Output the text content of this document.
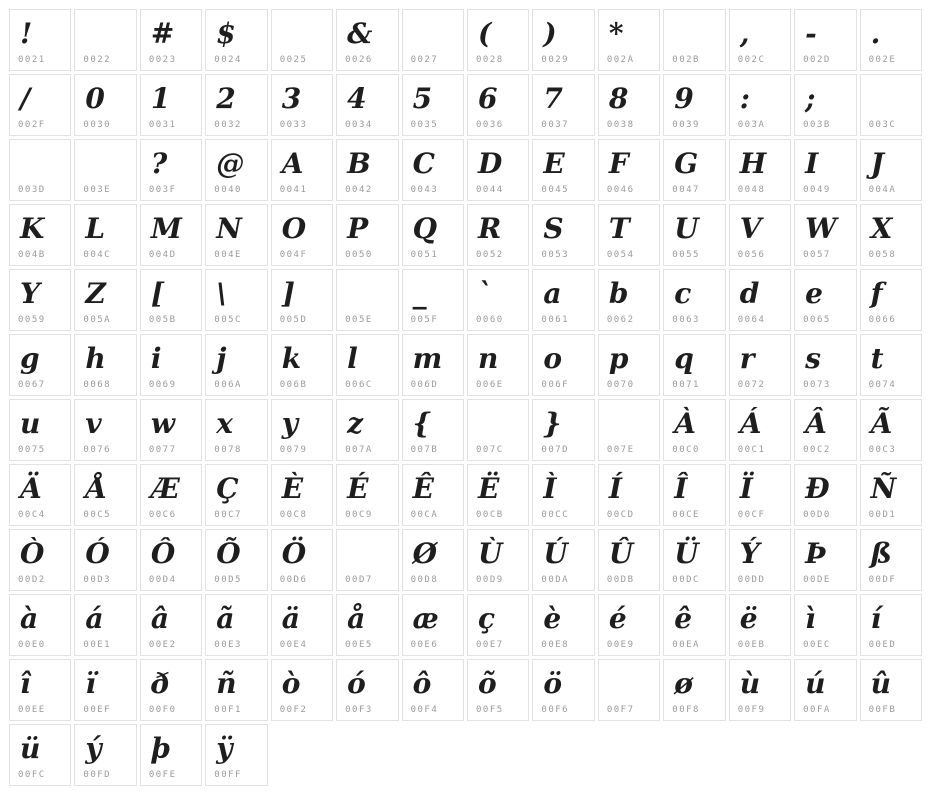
!
0021	0022
#
0023
$
0024	0025
&
0026	0027
(
0028
)
0029
*
002A	002B
,
002C
-
002D
.
002E
/
002F
0
0030
1
0031
2
0032
3
0033
4
0034
5
0035
6
0036
7
0037
8
0038
9
0039
:
003A
;
003B	003C
003D	003E
?
003F
@
0040
A
0041
B
0042
C
0043
D
0044
E
0045
F
0046
G
0047
H
0048
I
0049
J
004A
K
004B
L
004C
M
004D
N
004E
O
004F
P
0050
Q
0051
R
0052
S
0053
T
0054
U
0055
V
0056
W
0057
X
0058
Y
0059
Z
005A
[
005B
\
005C
]
005D	005E
_
005F
`
0060
a
0061
b
0062
c
0063
d
0064
e
0065
f
0066
g
0067
h
0068
i
0069
j
006A
k
006B
l
006C
m
006D
n
006E
o
006F
p
0070
q
0071
r
0072
s
0073
t
0074
u
0075
v
0076
w
0077
x
0078
y
0079
z
007A
{
007B	007C
}
007D	007E
À
00C0
Á
00C1
Â
00C2
Ã
00C3
Ä
00C4
Å
00C5
Æ
00C6
Ç
00C7
È
00C8
É
00C9
Ê
00CA
Ë
00CB
Ì
00CC
Í
00CD
Î
00CE
Ï
00CF
Ð
00D0
Ñ
00D1
Ò
00D2
Ó
00D3
Ô
00D4
Õ
00D5
Ö
00D6	00D7
Ø
00D8
Ù
00D9
Ú
00DA
Û
00DB
Ü
00DC
Ý
00DD
Þ
00DE
ß
00DF
à
00E0
á
00E1
â
00E2
ã
00E3
ä
00E4
å
00E5
æ
00E6
ç
00E7
è
00E8
é
00E9
ê
00EA
ë
00EB
ì
00EC
í
00ED
î
00EE
ï
00EF
ð
00F0
ñ
00F1
ò
00F2
ó
00F3
ô
00F4
õ
00F5
ö
00F6	00F7
ø
00F8
ù
00F9
ú
00FA
û
00FB
ü
00FC
ý
00FD
þ
00FE
ÿ
00FF
